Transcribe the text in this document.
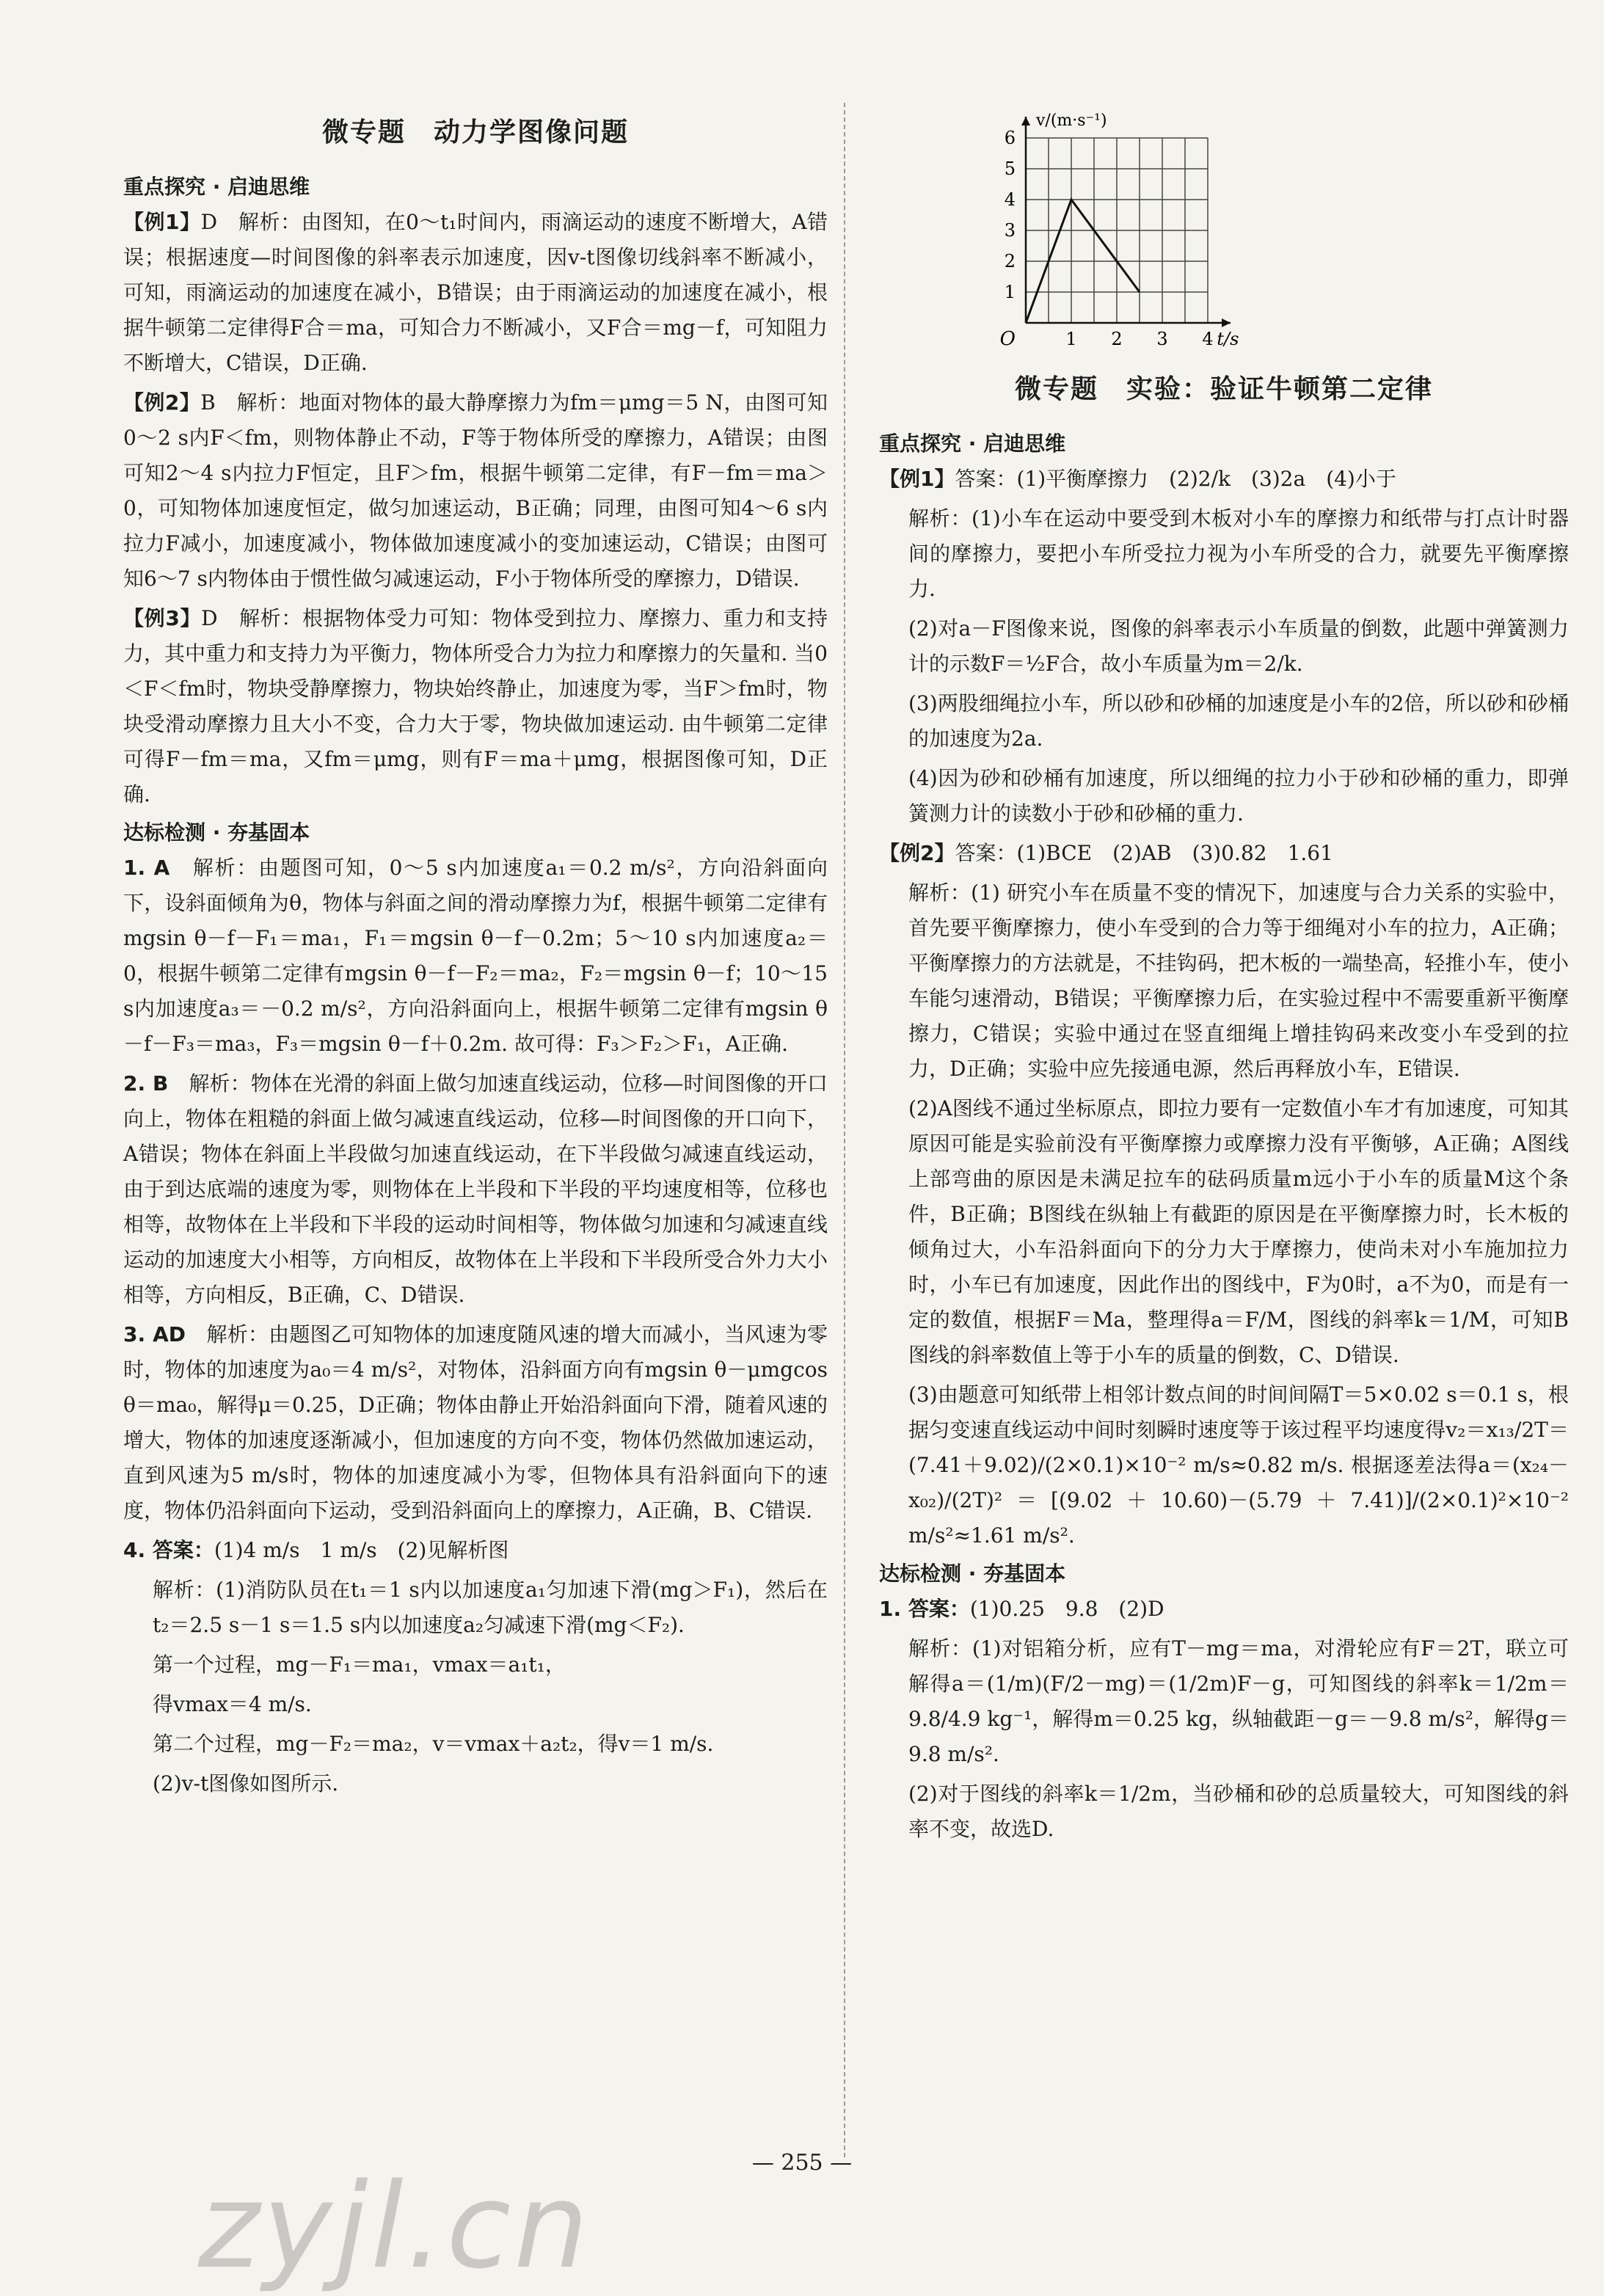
微专题　动力学图像问题
重点探究 · 启迪思维
【例1】D　解析：由图知，在0～t₁时间内，雨滴运动的速度不断增大，A错误；根据速度—时间图像的斜率表示加速度，因v-t图像切线斜率不断减小，可知，雨滴运动的加速度在减小，B错误；由于雨滴运动的加速度在减小，根据牛顿第二定律得F合＝ma，可知合力不断减小，又F合＝mg－f，可知阻力不断增大，C错误，D正确.
【例2】B　解析：地面对物体的最大静摩擦力为fm＝μmg＝5 N，由图可知0～2 s内F＜fm，则物体静止不动，F等于物体所受的摩擦力，A错误；由图可知2～4 s内拉力F恒定，且F＞fm，根据牛顿第二定律，有F－fm＝ma＞0，可知物体加速度恒定，做匀加速运动，B正确；同理，由图可知4～6 s内拉力F减小，加速度减小，物体做加速度减小的变加速运动，C错误；由图可知6～7 s内物体由于惯性做匀减速运动，F小于物体所受的摩擦力，D错误.
【例3】D　解析：根据物体受力可知：物体受到拉力、摩擦力、重力和支持力，其中重力和支持力为平衡力，物体所受合力为拉力和摩擦力的矢量和. 当0＜F＜fm时，物块受静摩擦力，物块始终静止，加速度为零，当F＞fm时，物块受滑动摩擦力且大小不变，合力大于零，物块做加速运动. 由牛顿第二定律可得F－fm＝ma，又fm＝μmg，则有F＝ma＋μmg，根据图像可知，D正确.
达标检测 · 夯基固本
1. A　 解析：由题图可知，0～5 s内加速度a₁＝0.2 m/s²，方向沿斜面向下，设斜面倾角为θ，物体与斜面之间的滑动摩擦力为f，根据牛顿第二定律有mgsin θ－f－F₁＝ma₁，F₁＝mgsin θ－f－0.2m；5～10 s内加速度a₂＝0，根据牛顿第二定律有mgsin θ－f－F₂＝ma₂，F₂＝mgsin θ－f；10～15 s内加速度a₃＝－0.2 m/s²，方向沿斜面向上，根据牛顿第二定律有mgsin θ－f－F₃＝ma₃，F₃＝mgsin θ－f＋0.2m. 故可得：F₃＞F₂＞F₁，A正确.
2. B　 解析：物体在光滑的斜面上做匀加速直线运动，位移—时间图像的开口向上，物体在粗糙的斜面上做匀减速直线运动，位移—时间图像的开口向下，A错误；物体在斜面上半段做匀加速直线运动，在下半段做匀减速直线运动，由于到达底端的速度为零，则物体在上半段和下半段的平均速度相等，位移也相等，故物体在上半段和下半段的运动时间相等，物体做匀加速和匀减速直线运动的加速度大小相等，方向相反，故物体在上半段和下半段所受合外力大小相等，方向相反，B正确，C、D错误.
3. AD　 解析：由题图乙可知物体的加速度随风速的增大而减小，当风速为零时，物体的加速度为a₀＝4 m/s²，对物体，沿斜面方向有mgsin θ－μmgcos θ＝ma₀，解得μ＝0.25，D正确；物体由静止开始沿斜面向下滑，随着风速的增大，物体的加速度逐渐减小，但加速度的方向不变，物体仍然做加速运动，直到风速为5 m/s时，物体的加速度减小为零，但物体具有沿斜面向下的速度，物体仍沿斜面向下运动，受到沿斜面向上的摩擦力，A正确，B、C错误.
4. 答案：(1)4 m/s　1 m/s　(2)见解析图
解析：(1)消防队员在t₁＝1 s内以加速度a₁匀加速下滑(mg＞F₁)，然后在t₂＝2.5 s－1 s＝1.5 s内以加速度a₂匀减速下滑(mg＜F₂).
第一个过程，mg－F₁＝ma₁，vmax＝a₁t₁，
得vmax＝4 m/s.
第二个过程，mg－F₂＝ma₂，v＝vmax＋a₂t₂，得v＝1 m/s.
(2)v-t图像如图所示.
1 2 3 4
1
2
3
4
5
6
O	t/s
v/(m·s⁻¹)
微专题　实验：验证牛顿第二定律
重点探究 · 启迪思维
【例1】答案：(1)平衡摩擦力　(2)2/k　(3)2a　(4)小于
解析：(1)小车在运动中要受到木板对小车的摩擦力和纸带与打点计时器间的摩擦力，要把小车所受拉力视为小车所受的合力，就要先平衡摩擦力.
(2)对a－F图像来说，图像的斜率表示小车质量的倒数，此题中弹簧测力计的示数F＝½F合，故小车质量为m＝2/k.
(3)两股细绳拉小车，所以砂和砂桶的加速度是小车的2倍，所以砂和砂桶的加速度为2a.
(4)因为砂和砂桶有加速度，所以细绳的拉力小于砂和砂桶的重力，即弹簧测力计的读数小于砂和砂桶的重力.
【例2】答案：(1)BCE　(2)AB　(3)0.82　1.61
解析：(1) 研究小车在质量不变的情况下，加速度与合力关系的实验中，首先要平衡摩擦力，使小车受到的合力等于细绳对小车的拉力，A正确；平衡摩擦力的方法就是，不挂钩码，把木板的一端垫高，轻推小车，使小车能匀速滑动，B错误；平衡摩擦力后，在实验过程中不需要重新平衡摩擦力，C错误；实验中通过在竖直细绳上增挂钩码来改变小车受到的拉力，D正确；实验中应先接通电源，然后再释放小车，E错误.
(2)A图线不通过坐标原点，即拉力要有一定数值小车才有加速度，可知其原因可能是实验前没有平衡摩擦力或摩擦力没有平衡够，A正确；A图线上部弯曲的原因是未满足拉车的砝码质量m远小于小车的质量M这个条件，B正确；B图线在纵轴上有截距的原因是在平衡摩擦力时，长木板的倾角过大，小车沿斜面向下的分力大于摩擦力，使尚未对小车施加拉力时，小车已有加速度，因此作出的图线中，F为0时，a不为0，而是有一定的数值，根据F＝Ma，整理得a＝F/M，图线的斜率k＝1/M，可知B图线的斜率数值上等于小车的质量的倒数，C、D错误.
(3)由题意可知纸带上相邻计数点间的时间间隔T＝5×0.02 s＝0.1 s，根据匀变速直线运动中间时刻瞬时速度等于该过程平均速度得v₂＝x₁₃/2T＝(7.41＋9.02)/(2×0.1)×10⁻² m/s≈0.82 m/s. 根据逐差法得a＝(x₂₄－x₀₂)/(2T)²＝[(9.02＋10.60)－(5.79＋7.41)]/(2×0.1)²×10⁻² m/s²≈1.61 m/s².
达标检测 · 夯基固本
1. 答案：(1)0.25　9.8　(2)D
解析：(1)对铝箱分析，应有T－mg＝ma，对滑轮应有F＝2T，联立可解得a＝(1/m)(F/2－mg)＝(1/2m)F－g，可知图线的斜率k＝1/2m＝9.8/4.9 kg⁻¹，解得m＝0.25 kg，纵轴截距－g＝－9.8 m/s²，解得g＝9.8 m/s².
(2)对于图线的斜率k＝1/2m，当砂桶和砂的总质量较大，可知图线的斜率不变，故选D.
— 255 —
zyjl.cn
